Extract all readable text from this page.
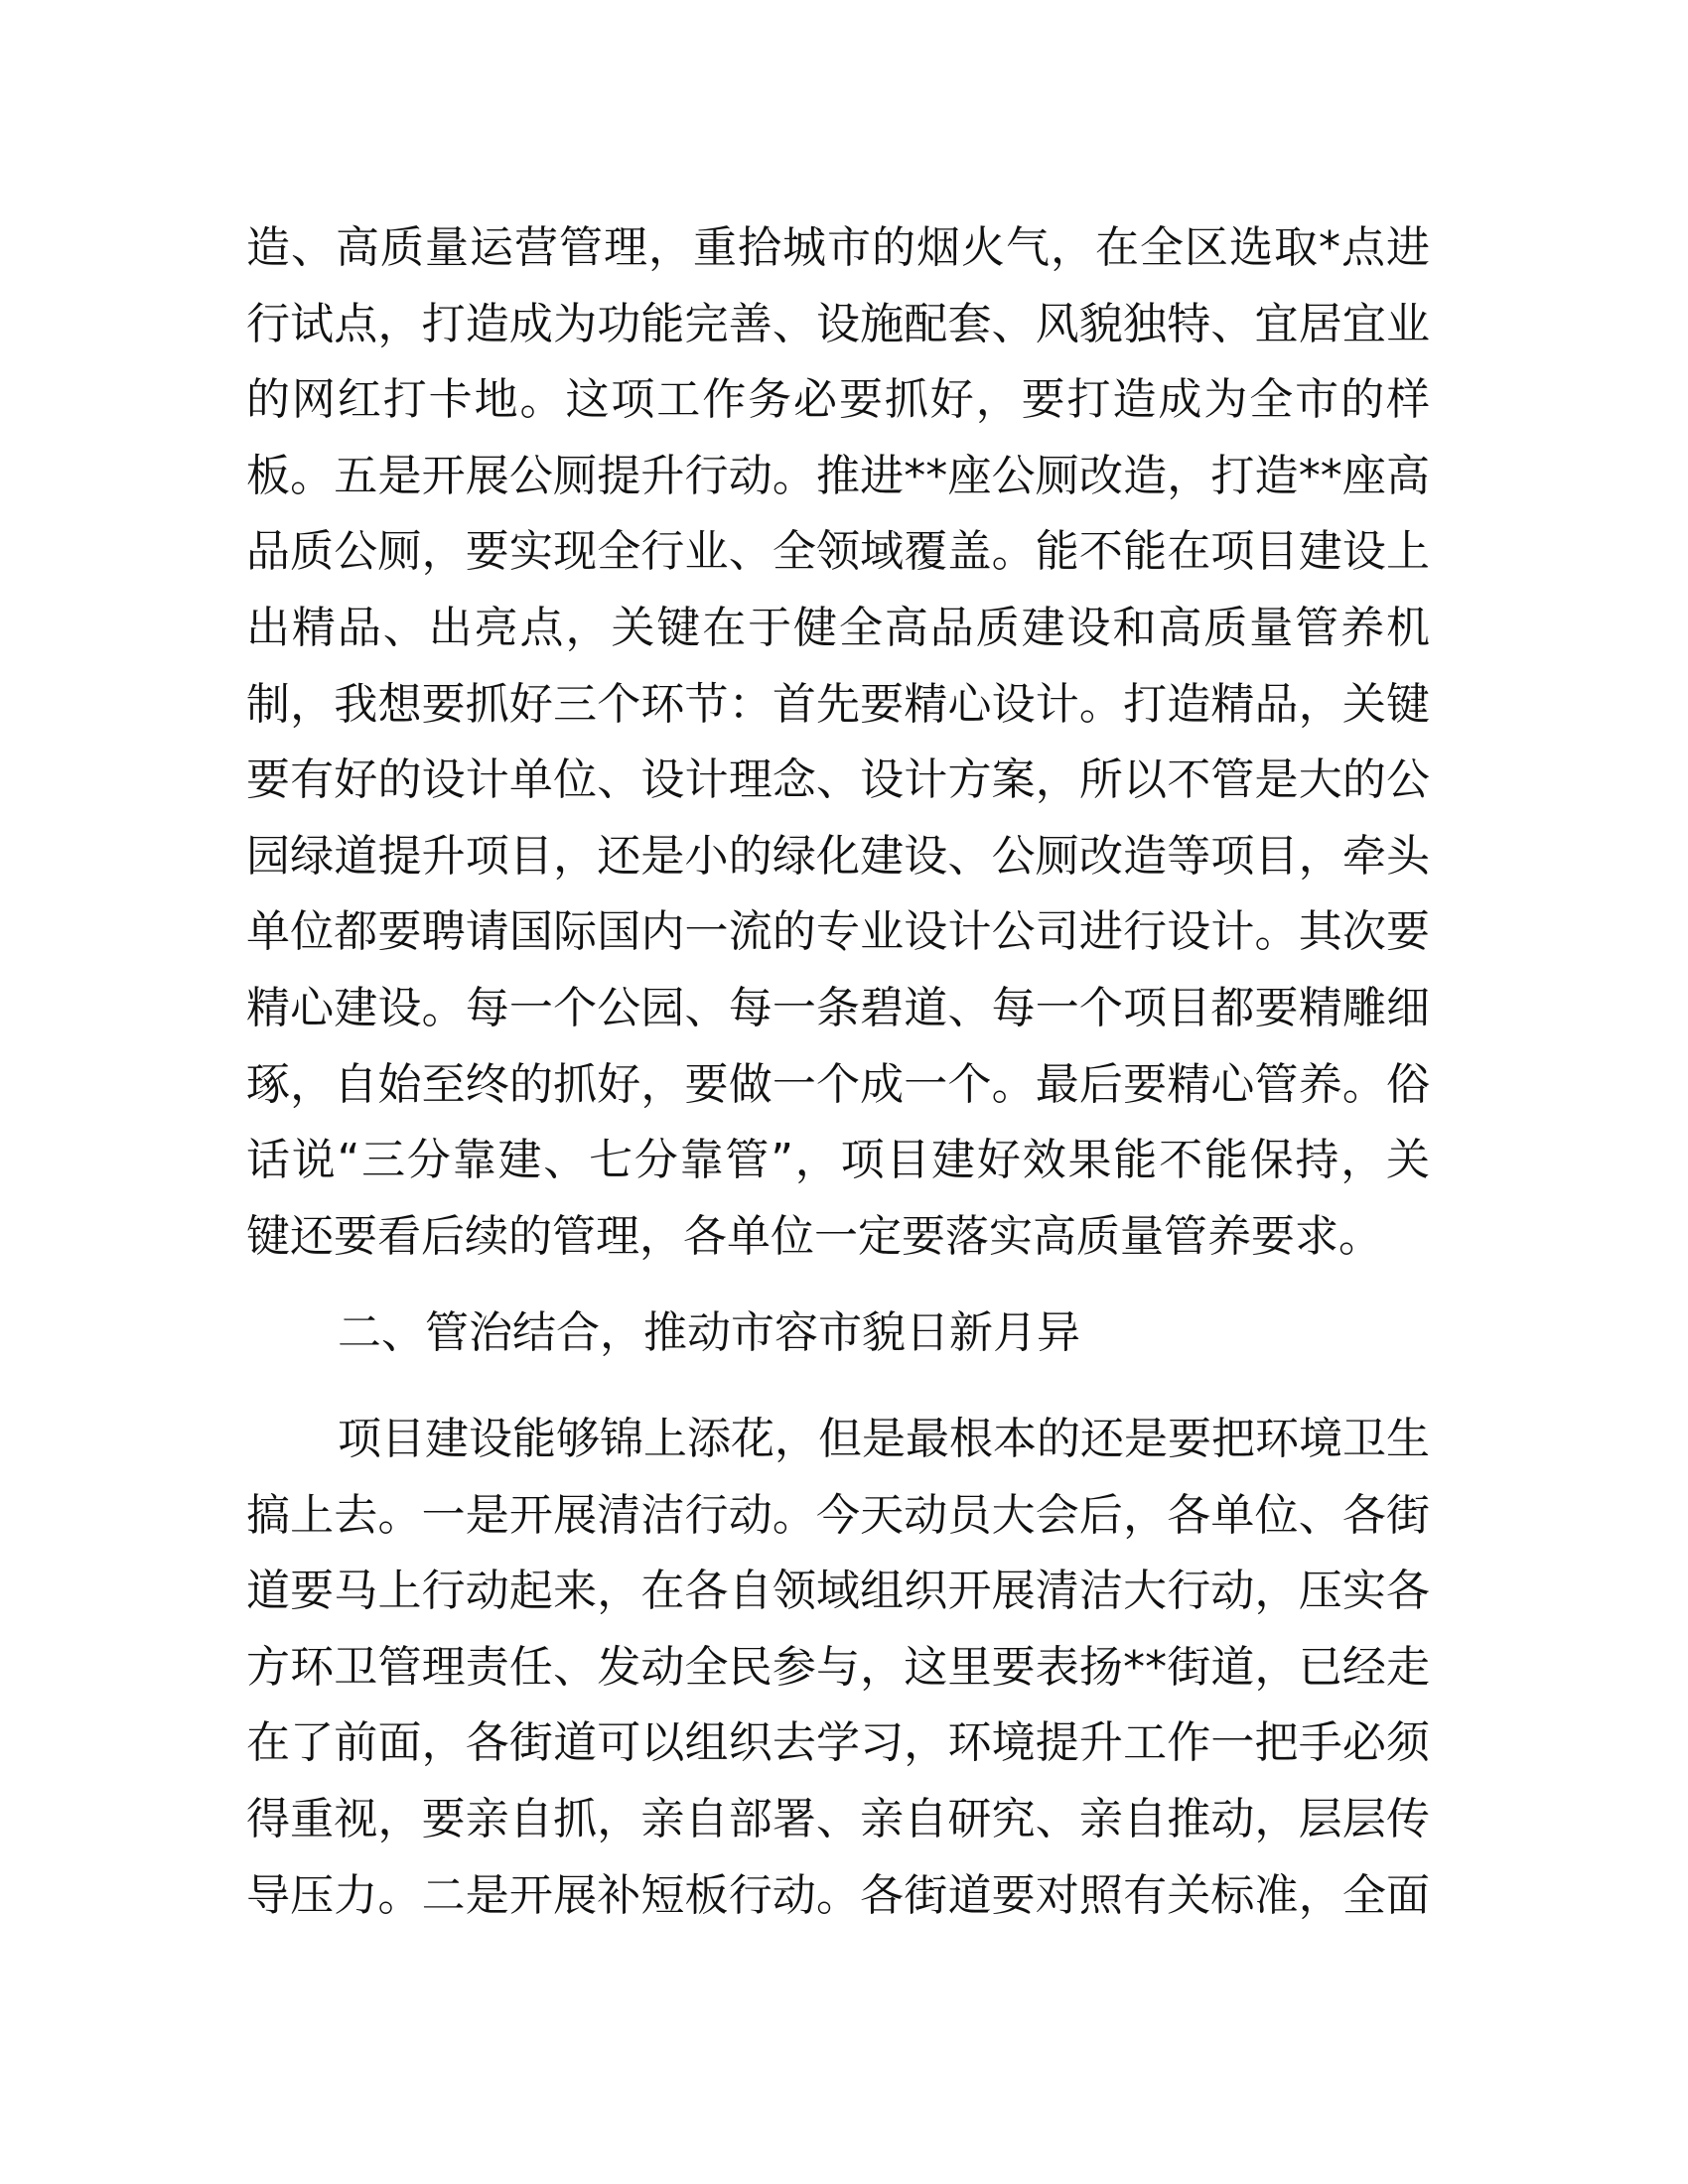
造、高质量运营管理，重拾城市的烟火气，在全区选取*点进
行试点，打造成为功能完善、设施配套、风貌独特、宜居宜业
的网红打卡地。这项工作务必要抓好，要打造成为全市的样
板。五是开展公厕提升行动。推进**座公厕改造，打造**座高
品质公厕，要实现全行业、全领域覆盖。能不能在项目建设上
出精品、出亮点，关键在于健全高品质建设和高质量管养机
制，我想要抓好三个环节：首先要精心设计。打造精品，关键
要有好的设计单位、设计理念、设计方案，所以不管是大的公
园绿道提升项目，还是小的绿化建设、公厕改造等项目，牵头
单位都要聘请国际国内一流的专业设计公司进行设计。其次要
精心建设。每一个公园、每一条碧道、每一个项目都要精雕细
琢，自始至终的抓好，要做一个成一个。最后要精心管养。俗
话说“三分靠建、七分靠管”，项目建好效果能不能保持，关
键还要看后续的管理，各单位一定要落实高质量管养要求。
二、管治结合，推动市容市貌日新月异
项目建设能够锦上添花，但是最根本的还是要把环境卫生
搞上去。一是开展清洁行动。今天动员大会后，各单位、各街
道要马上行动起来，在各自领域组织开展清洁大行动，压实各
方环卫管理责任、发动全民参与，这里要表扬**街道，已经走
在了前面，各街道可以组织去学习，环境提升工作一把手必须
得重视，要亲自抓，亲自部署、亲自研究、亲自推动，层层传
导压力。二是开展补短板行动。各街道要对照有关标准，全面
